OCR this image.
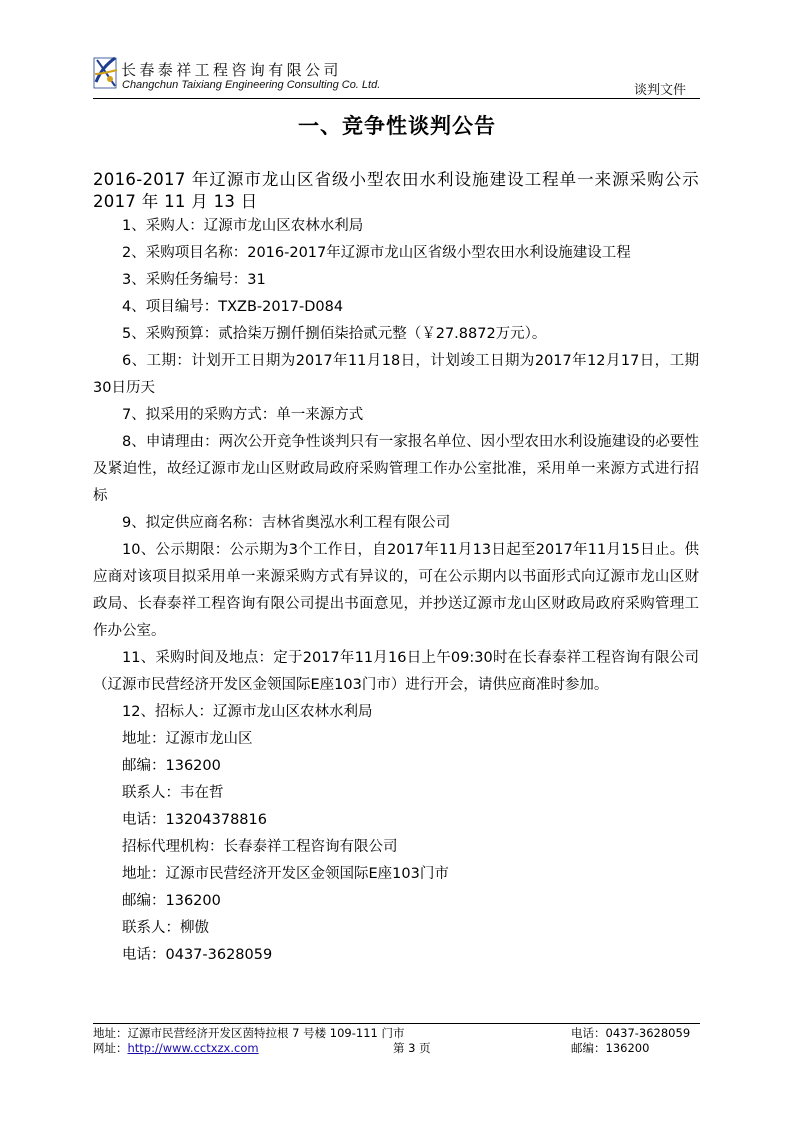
长春泰祥工程咨询有限公司
Changchun Taixiang Engineering Consulting Co. Ltd.	谈判文件
一、竞争性谈判公告

2016-2017 年辽源市龙山区省级小型农田水利设施建设工程单一来源采购公示 2017 年 11 月 13 日

1、采购人：辽源市龙山区农林水利局

2、采购项目名称：2016-2017年辽源市龙山区省级小型农田水利设施建设工程

3、采购任务编号：31

4、项目编号：TXZB-2017-D084

5、采购预算：贰拾柒万捌仟捌佰柒拾贰元整（￥27.8872万元）。

6、工期：计划开工日期为2017年11月18日，计划竣工日期为2017年12月17日，工期30日历天

7、拟采用的采购方式：单一来源方式

8、申请理由：两次公开竞争性谈判只有一家报名单位、因小型农田水利设施建设的必要性及紧迫性，故经辽源市龙山区财政局政府采购管理工作办公室批准，采用单一来源方式进行招标

9、拟定供应商名称：吉林省奥泓水利工程有限公司

10、公示期限：公示期为3个工作日，自2017年11月13日起至2017年11月15日止。供应商对该项目拟采用单一来源采购方式有异议的，可在公示期内以书面形式向辽源市龙山区财政局、长春泰祥工程咨询有限公司提出书面意见，并抄送辽源市龙山区财政局政府采购管理工作办公室。

11、采购时间及地点：定于2017年11月16日上午09:30时在长春泰祥工程咨询有限公司（辽源市民营经济开发区金领国际E座103门市）进行开会，请供应商准时参加。

12、招标人：辽源市龙山区农林水利局

地址：辽源市龙山区

邮编：136200

联系人：韦在哲

电话：13204378816

招标代理机构：长春泰祥工程咨询有限公司

地址：辽源市民营经济开发区金领国际E座103门市

邮编：136200

联系人：柳傲

电话：0437-3628059

地址：辽源市民营经济开发区茵特拉根 7 号楼 109-111 门市	电话：0437-3628059
网址：http://www.cctxzx.com	第 3 页	邮编：136200
